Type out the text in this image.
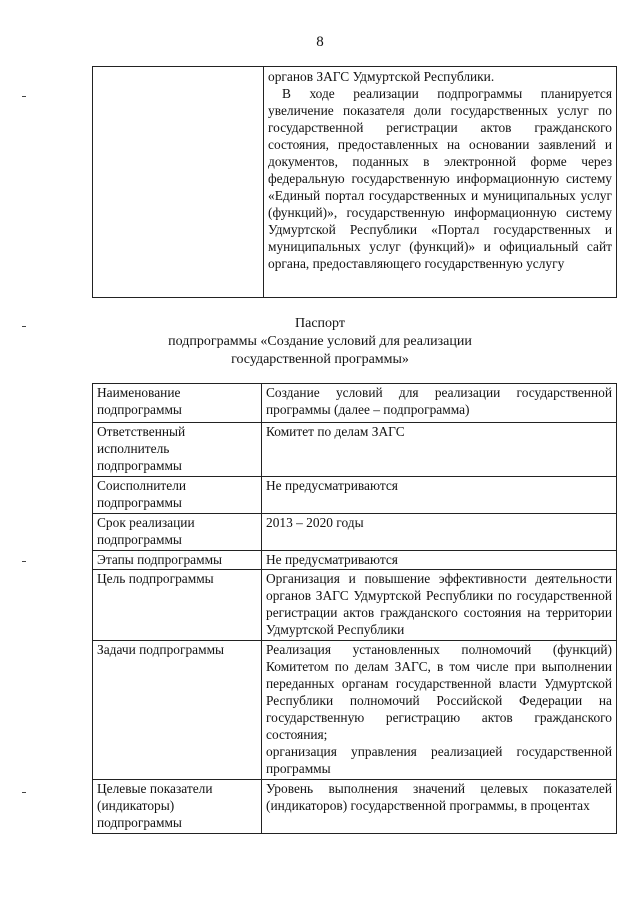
8

органов ЗАГС Удмуртской Республики.

В ходе реализации подпрограммы планируется увеличение показателя доли государственных услуг по государственной регистрации актов гражданского состояния, предоставленных на основании заявлений и документов, поданных в электронной форме через федеральную государственную информационную систему «Единый портал государственных и муниципальных услуг (функций)», государственную информационную систему Удмуртской Республики «Портал государственных и муниципальных услуг (функций)» и официальный сайт органа, предоставляющего государственную услугу

Паспорт
подпрограммы «Создание условий для реализации
государственной программы»
Наименование подпрограммы	Создание условий для реализации государственной программы (далее – подпрограмма)

Ответственный исполнитель подпрограммы	Комитет по делам ЗАГС

Соисполнители подпрограммы	Не предусматриваются

Срок реализации подпрограммы	2013 – 2020 годы

Этапы подпрограммы	Не предусматриваются

Цель подпрограммы	Организация и повышение эффективности деятельности органов ЗАГС Удмуртской Республики по государственной регистрации актов гражданского состояния на территории Удмуртской Республики

Задачи подпрограммы	Реализация установленных полномочий (функций) Комитетом по делам ЗАГС, в том числе при выполнении переданных органам государственной власти Удмуртской Республики полномочий Российской Федерации на государственную регистрацию актов гражданского состояния;

организация управления реализацией государственной программы

Целевые показатели (индикаторы) подпрограммы	Уровень выполнения значений целевых показателей (индикаторов) государственной программы, в процентах
